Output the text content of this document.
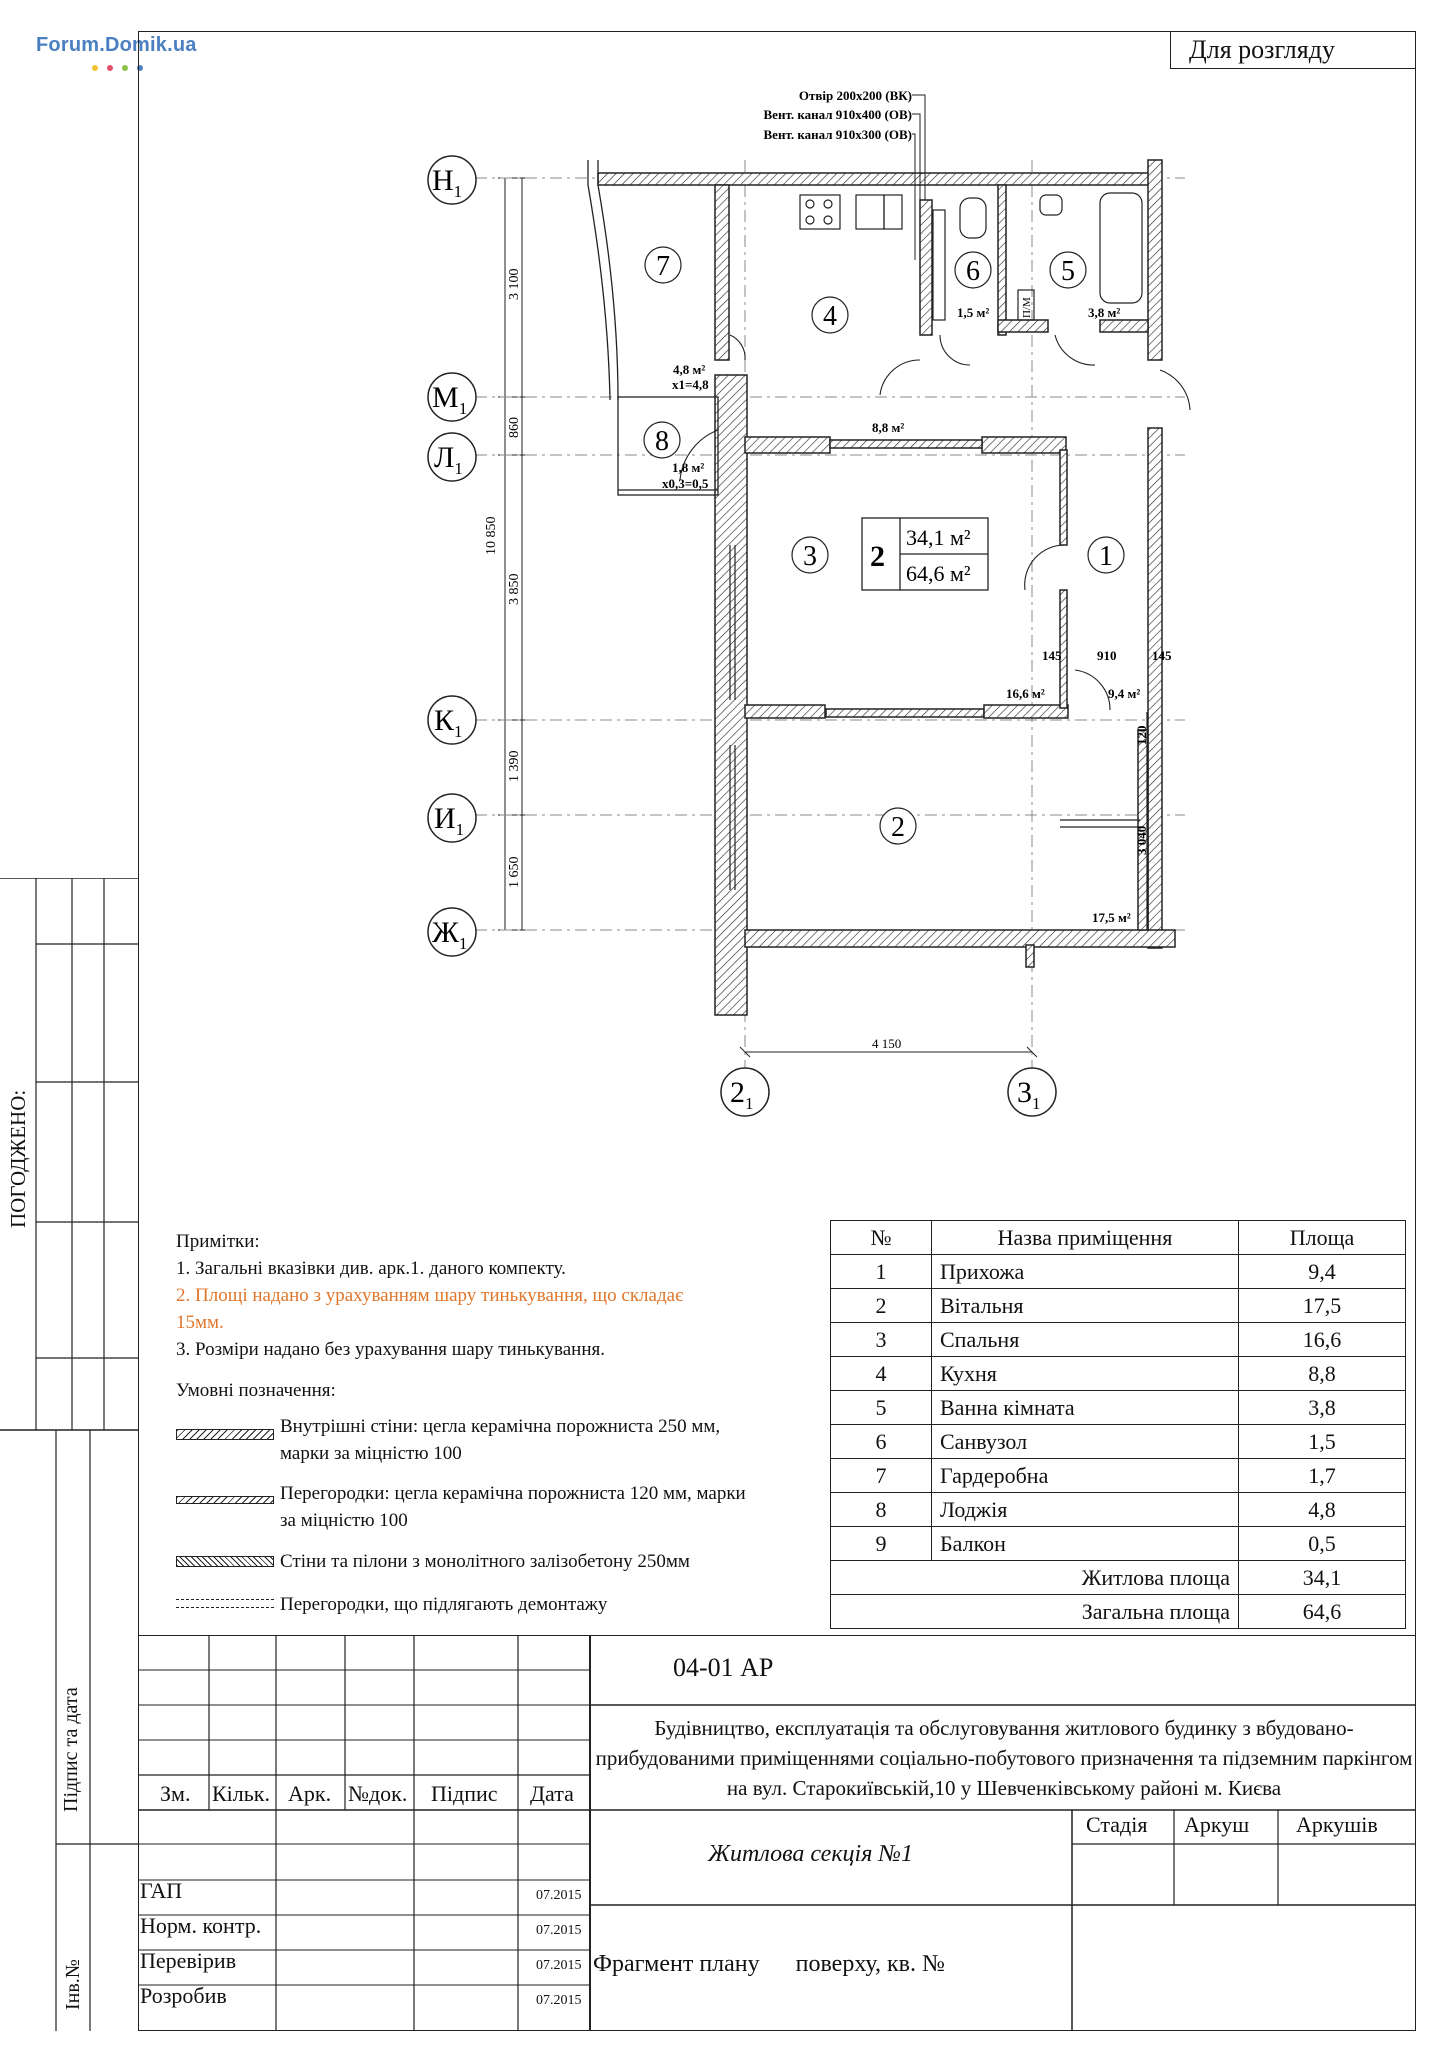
Forum.Domik.ua	Для розгляду
ПОГОДЖЕНО:
Підпис та дата
Інв.№
10 850
3 100
860
3 850
1 390
1 650
$Н_1$
$М_1$
$Л_1$
$К_1$
$И_1$
$Ж_1$
$2_1$	$3_1$
4 150
П/М
Отвір 200х200 (ВК)
Вент. канал 910х400 (ОВ)
Вент. канал 910х300 (ОВ)
1
2
3
4
5
6
7
8	8,8 м²
16,6 м²	9,4 м²
17,5 м²
1,5 м²	3,8 м²
4,8 м²
x1=4,8
1,8 м²
x0,3=0,5
145	910	145
120
3 040
2
34,1 м²
64,6 м²

Примітки:

1. Загальні вказівки див. арк.1. даного компекту.

2. Площі надано з урахуванням шару тинькування, що складає 15мм.

3. Розміри надано без урахування шару тинькування.

Умовні позначення:

Внутрішні стіни: цегла керамічна порожниста 250 мм, марки за міцністю 100
Перегородки: цегла керамічна порожниста 120 мм, марки за міцністю 100
Стіни та пілони з монолітного залізобетону 250мм
Перегородки, що підлягають демонтажу
№	Назва приміщення	Площа
1	Прихожа	9,4
2	Вітальня	17,5
3	Спальня	16,6
4	Кухня	8,8
5	Ванна кімната	3,8
6	Санвузол	1,5
7	Гардеробна	1,7
8	Лоджія	4,8
9	Балкон	0,5
Житлова площа		34,1
Загальна площа		64,6
Зм. Кільк. Арк. №док. Підпис Дата
ГАП
Норм. контр.
Перевірив
Розробив
07.2015
07.2015
07.2015
07.2015
04-01 АР
Будівництво, експлуатація та обслуговування житлового будинку з вбудовано-прибудованими приміщеннями соціально-побутового призначення та підземним паркінгом на вул. Старокиївській,10 у Шевченківському районі м. Києва
Житлова секція №1
Фрагмент плану      поверху, кв. №
Стадія Аркуш Аркушів
